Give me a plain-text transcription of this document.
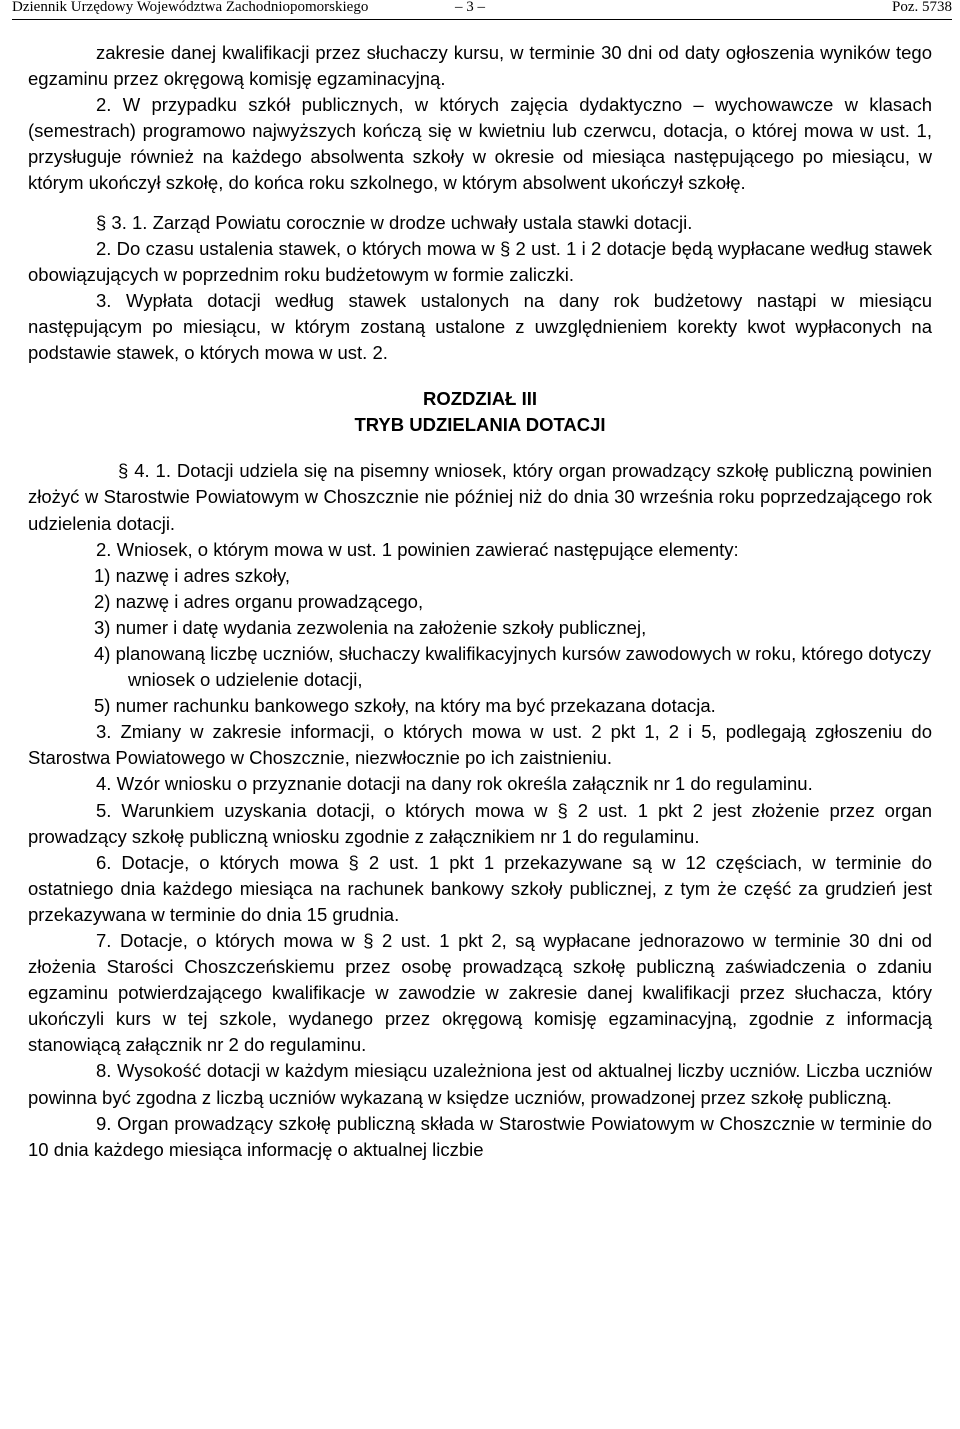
Dziennik Urzędowy Województwa Zachodniopomorskiego	– 3 –	Poz. 5738

zakresie danej kwalifikacji przez słuchaczy kursu, w terminie 30 dni od daty ogłoszenia wyników tego egzaminu przez okręgową komisję egzaminacyjną.

2. W przypadku szkół publicznych, w których zajęcia dydaktyczno – wychowawcze w klasach (semestrach) programowo najwyższych kończą się w kwietniu lub czerwcu, dotacja, o której mowa w ust. 1, przysługuje również na każdego absolwenta szkoły w okresie od miesiąca następującego po miesiącu, w którym ukończył szkołę, do końca roku szkolnego, w którym absolwent ukończył szkołę.

§ 3. 1. Zarząd Powiatu corocznie w drodze uchwały ustala stawki dotacji.

2. Do czasu ustalenia stawek, o których mowa w § 2 ust. 1 i 2 dotacje będą wypłacane według stawek obowiązujących w poprzednim roku budżetowym w formie zaliczki.

3. Wypłata dotacji według stawek ustalonych na dany rok budżetowy nastąpi w miesiącu następującym po miesiącu, w którym zostaną ustalone z uwzględnieniem korekty kwot wypłaconych na podstawie stawek, o których mowa w ust. 2.

ROZDZIAŁ III

TRYB UDZIELANIA DOTACJI

§ 4. 1. Dotacji udziela się na pisemny wniosek, który organ prowadzący szkołę publiczną powinien złożyć w Starostwie Powiatowym w Choszcznie nie później niż do dnia 30 września roku poprzedzającego rok udzielenia dotacji.

2. Wniosek, o którym mowa w ust. 1 powinien zawierać następujące elementy:

1) nazwę i adres szkoły,

2) nazwę i adres organu prowadzącego,

3) numer i datę wydania zezwolenia na założenie szkoły publicznej,

4) planowaną liczbę uczniów, słuchaczy kwalifikacyjnych kursów zawodowych w roku, którego dotyczy wniosek o udzielenie dotacji,

5) numer rachunku bankowego szkoły, na który ma być przekazana dotacja.

3. Zmiany w zakresie informacji, o których mowa w ust. 2 pkt 1, 2 i 5, podlegają zgłoszeniu do Starostwa Powiatowego w Choszcznie, niezwłocznie po ich zaistnieniu.

4. Wzór wniosku o przyznanie dotacji na dany rok określa załącznik nr 1 do regulaminu.

5. Warunkiem uzyskania dotacji, o których mowa w § 2 ust. 1 pkt 2 jest złożenie przez organ prowadzący szkołę publiczną wniosku zgodnie z załącznikiem nr 1 do regulaminu.

6. Dotacje, o których mowa § 2 ust. 1 pkt 1 przekazywane są w 12 częściach, w terminie do ostatniego dnia każdego miesiąca na rachunek bankowy szkoły publicznej, z tym że część za grudzień jest przekazywana w terminie do dnia 15 grudnia.

7. Dotacje, o których mowa w § 2 ust. 1 pkt 2, są wypłacane jednorazowo w terminie 30 dni od złożenia Starości Choszczeńskiemu przez osobę prowadzącą szkołę publiczną zaświadczenia o zdaniu egzaminu potwierdzającego kwalifikacje w zawodzie w zakresie danej kwalifikacji przez słuchacza, który ukończyli kurs w tej szkole, wydanego przez okręgową komisję egzaminacyjną, zgodnie z informacją stanowiącą załącznik nr 2 do regulaminu.

8. Wysokość dotacji w każdym miesiącu uzależniona jest od aktualnej liczby uczniów. Liczba uczniów powinna być zgodna z liczbą uczniów wykazaną w księdze uczniów, prowadzonej przez szkołę publiczną.

9. Organ prowadzący szkołę publiczną składa w Starostwie Powiatowym w Choszcznie w terminie do 10 dnia każdego miesiąca informację o aktualnej liczbie
